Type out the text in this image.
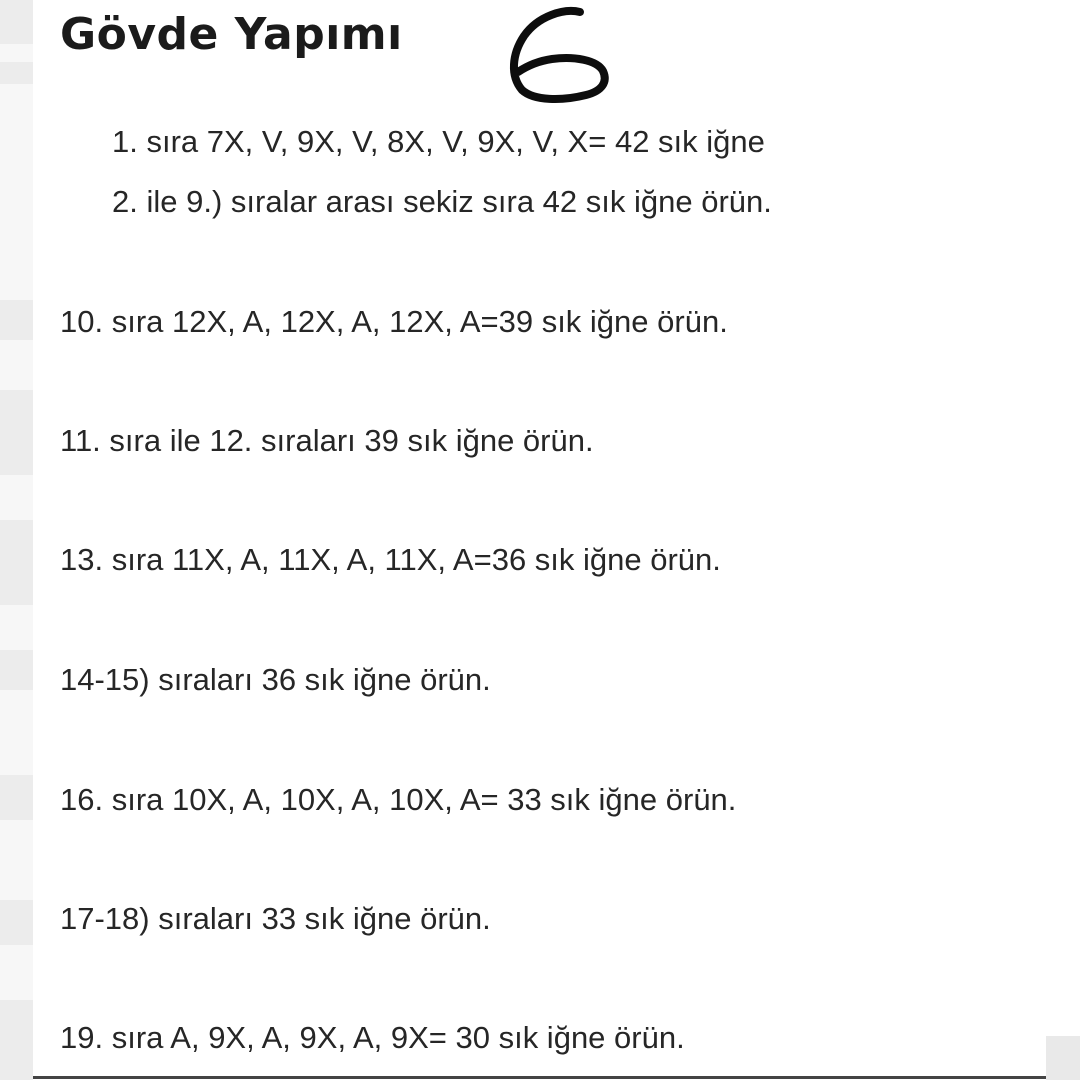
Gövde Yapımı

1. sıra 7X, V, 9X, V, 8X, V, 9X, V, X= 42 sık iğne

2. ile 9.) sıralar arası sekiz sıra 42 sık iğne örün.

10. sıra 12X, A, 12X, A, 12X, A=39 sık iğne örün.

11. sıra ile 12. sıraları 39 sık iğne örün.

13. sıra 11X, A, 11X, A, 11X, A=36 sık iğne örün.

14-15) sıraları 36 sık iğne örün.

16. sıra 10X, A, 10X, A, 10X, A= 33 sık iğne örün.

17-18) sıraları 33 sık iğne örün.

19. sıra A, 9X, A, 9X, A, 9X= 30 sık iğne örün.
